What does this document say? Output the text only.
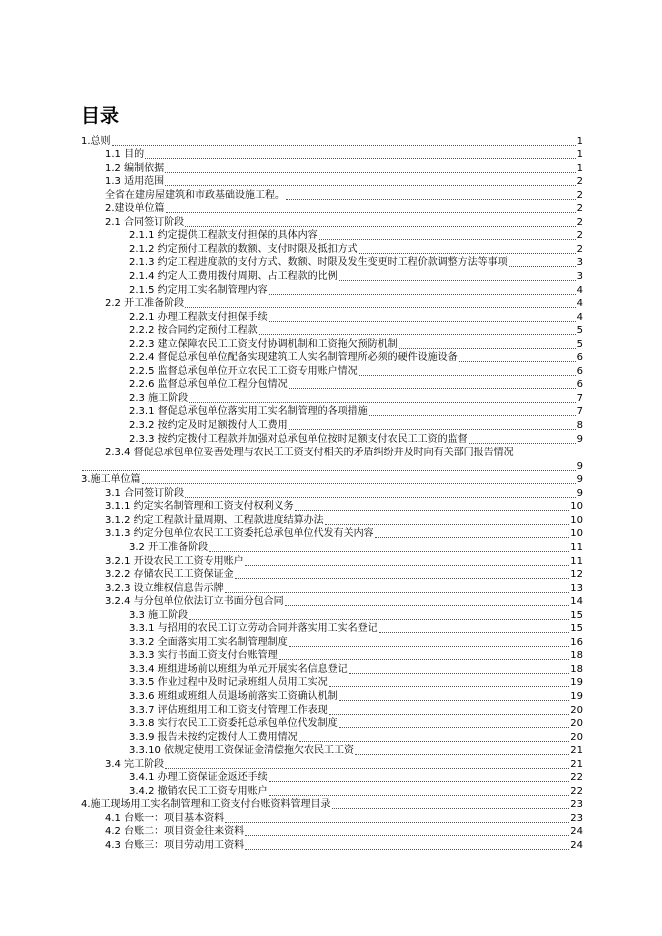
目录
1.总则	1
1.1 目的	1
1.2 编制依据	1
1.3 适用范围	2
全省在建房屋建筑和市政基础设施工程。	2
2.建设单位篇	2
2.1 合同签订阶段	2
2.1.1 约定提供工程款支付担保的具体内容	2
2.1.2 约定预付工程款的数额、支付时限及抵扣方式	2
2.1.3 约定工程进度款的支付方式、数额、时限及发生变更时工程价款调整方法等事项	3
2.1.4 约定人工费用拨付周期、占工程款的比例	3
2.1.5 约定用工实名制管理内容	4
2.2 开工准备阶段	4
2.2.1 办理工程款支付担保手续	4
2.2.2 按合同约定预付工程款	5
2.2.3 建立保障农民工工资支付协调机制和工资拖欠预防机制	5
2.2.4 督促总承包单位配备实现建筑工人实名制管理所必须的硬件设施设备	6
2.2.5 监督总承包单位开立农民工工资专用账户情况	6
2.2.6 监督总承包单位工程分包情况	6
2.3 施工阶段	7
2.3.1 督促总承包单位落实用工实名制管理的各项措施	7
2.3.2 按约定及时足额拨付人工费用	8
2.3.3 按约定拨付工程款并加强对总承包单位按时足额支付农民工工资的监督	9
2.3.4 督促总承包单位妥善处理与农民工工资支付相关的矛盾纠纷并及时向有关部门报告情况
9
3.施工单位篇	9
3.1 合同签订阶段	9
3.1.1 约定实名制管理和工资支付权利义务	10
3.1.2 约定工程款计量周期、工程款进度结算办法	10
3.1.3 约定分包单位农民工工资委托总承包单位代发有关内容	10
3.2 开工准备阶段	11
3.2.1 开设农民工工资专用账户	11
3.2.2 存储农民工工资保证金	12
3.2.3 设立维权信息告示牌	13
3.2.4 与分包单位依法订立书面分包合同	14
3.3 施工阶段	15
3.3.1 与招用的农民工订立劳动合同并落实用工实名登记	15
3.3.2 全面落实用工实名制管理制度	16
3.3.3 实行书面工资支付台账管理	18
3.3.4 班组进场前以班组为单元开展实名信息登记	18
3.3.5 作业过程中及时记录班组人员用工实况	19
3.3.6 班组或班组人员退场前落实工资确认机制	19
3.3.7 评估班组用工和工资支付管理工作表现	20
3.3.8 实行农民工工资委托总承包单位代发制度	20
3.3.9 报告未按约定拨付人工费用情况	20
3.3.10 依规定使用工资保证金清偿拖欠农民工工资	21
3.4 完工阶段	21
3.4.1 办理工资保证金返还手续	22
3.4.2 撤销农民工工资专用账户	22
4.施工现场用工实名制管理和工资支付台账资料管理目录	23
4.1 台账一：项目基本资料	23
4.2 台账二：项目资金往来资料	24
4.3 台账三：项目劳动用工资料	24
